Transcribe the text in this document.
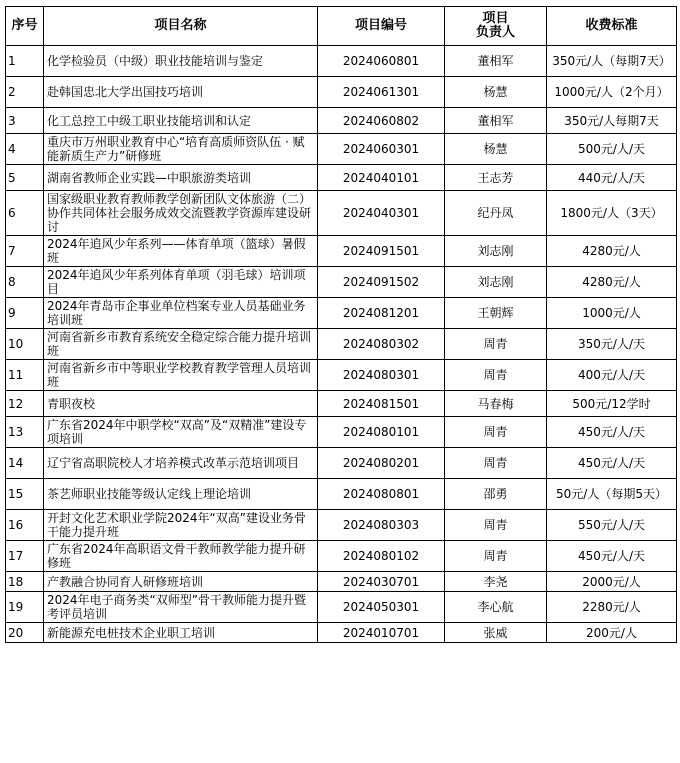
序号	项目名称	项目编号	项目
负责人	收费标准
1	化学检验员（中级）职业技能培训与鉴定	2024060801	董相军	350元/人（每期7天）
2	赴韩国忠北大学出国技巧培训	2024061301	杨慧	1000元/人（2个月）
3	化工总控工中级工职业技能培训和认定	2024060802	董相军	350元/人每期7天
4	重庆市万州职业教育中心“培育高质师资队伍 · 赋能新质生产力”研修班	2024060301	杨慧	500元/人/天
5	湖南省教师企业实践—中职旅游类培训	2024040101	王志芳	440元/人/天
6	国家级职业教育教师教学创新团队文体旅游（二）协作共同体社会服务成效交流暨教学资源库建设研讨	2024040301	纪丹凤	1800元/人（3天）
7	2024年追风少年系列——体育单项（篮球）暑假班	2024091501	刘志刚	4280元/人
8	2024年追风少年系列体育单项（羽毛球）培训项目	2024091502	刘志刚	4280元/人
9	2024年青岛市企事业单位档案专业人员基础业务培训班	2024081201	王朝辉	1000元/人
10	河南省新乡市教育系统安全稳定综合能力提升培训班	2024080302	周青	350元/人/天
11	河南省新乡市中等职业学校教育教学管理人员培训班	2024080301	周青	400元/人/天
12	青职夜校	2024081501	马春梅	500元/12学时
13	广东省2024年中职学校“双高”及“双精准”建设专项培训	2024080101	周青	450元/人/天
14	辽宁省高职院校人才培养模式改革示范培训项目	2024080201	周青	450元/人/天
15	茶艺师职业技能等级认定线上理论培训	2024080801	邵勇	50元/人（每期5天）
16	开封文化艺术职业学院2024年“双高”建设业务骨干能力提升班	2024080303	周青	550元/人/天
17	广东省2024年高职语文骨干教师教学能力提升研修班	2024080102	周青	450元/人/天
18	产教融合协同育人研修班培训	2024030701	李尧	2000元/人
19	2024年电子商务类“双师型”骨干教师能力提升暨考评员培训	2024050301	李心航	2280元/人
20	新能源充电桩技术企业职工培训	2024010701	张威	200元/人
